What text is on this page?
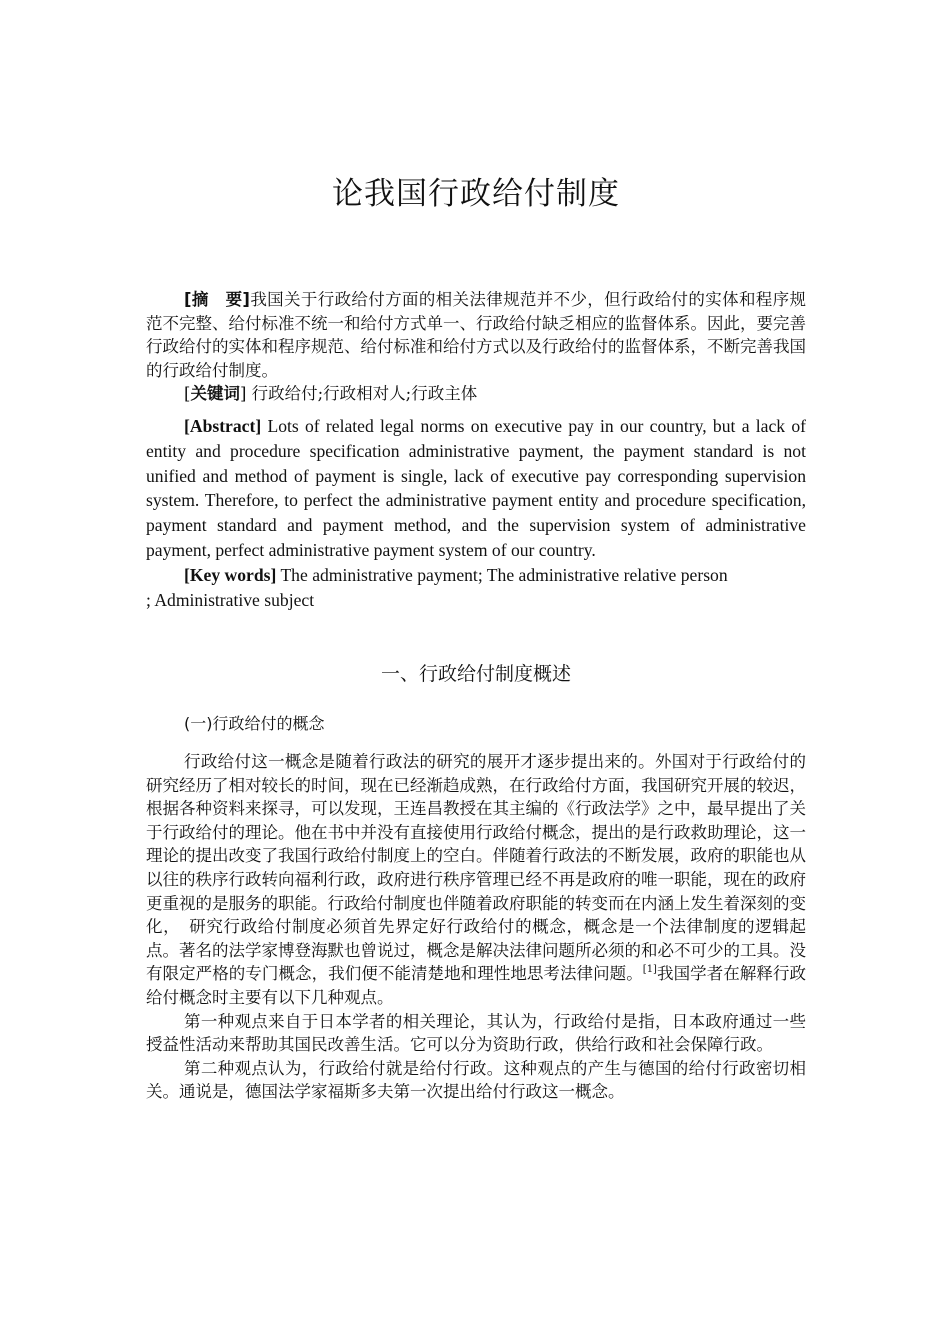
论我国行政给付制度

[摘　要]我国关于行政给付方面的相关法律规范并不少，但行政给付的实体和程序规范不完整、给付标准不统一和给付方式单一、行政给付缺乏相应的监督体系。因此，要完善行政给付的实体和程序规范、给付标准和给付方式以及行政给付的监督体系，不断完善我国的行政给付制度。

[关键词] 行政给付;行政相对人;行政主体

[Abstract] Lots of related legal norms on executive pay in our country, but a lack of entity and procedure specification administrative payment, the payment standard is not unified and method of payment is single, lack of executive pay corresponding supervision system. Therefore, to perfect the administrative payment entity and procedure specification, payment standard and payment method, and the supervision system of administrative payment, perfect administrative payment system of our country.

[Key words] The administrative payment; The administrative relative person

; Administrative subject

一、行政给付制度概述
(一)行政给付的概念

行政给付这一概念是随着行政法的研究的展开才逐步提出来的。外国对于行政给付的研究经历了相对较长的时间，现在已经渐趋成熟，在行政给付方面，我国研究开展的较迟，根据各种资料来探寻，可以发现，王连昌教授在其主编的《行政法学》之中，最早提出了关于行政给付的理论。他在书中并没有直接使用行政给付概念，提出的是行政救助理论，这一理论的提出改变了我国行政给付制度上的空白。伴随着行政法的不断发展，政府的职能也从以往的秩序行政转向福利行政，政府进行秩序管理已经不再是政府的唯一职能，现在的政府更重视的是服务的职能。行政给付制度也伴随着政府职能的转变而在内涵上发生着深刻的变化，　研究行政给付制度必须首先界定好行政给付的概念，概念是一个法律制度的逻辑起点。著名的法学家博登海默也曾说过，概念是解决法律问题所必须的和必不可少的工具。没有限定严格的专门概念，我们便不能清楚地和理性地思考法律问题。[1]我国学者在解释行政给付概念时主要有以下几种观点。

第一种观点来自于日本学者的相关理论，其认为，行政给付是指，日本政府通过一些授益性活动来帮助其国民改善生活。它可以分为资助行政，供给行政和社会保障行政。

第二种观点认为，行政给付就是给付行政。这种观点的产生与德国的给付行政密切相关。通说是，德国法学家福斯多夫第一次提出给付行政这一概念。
